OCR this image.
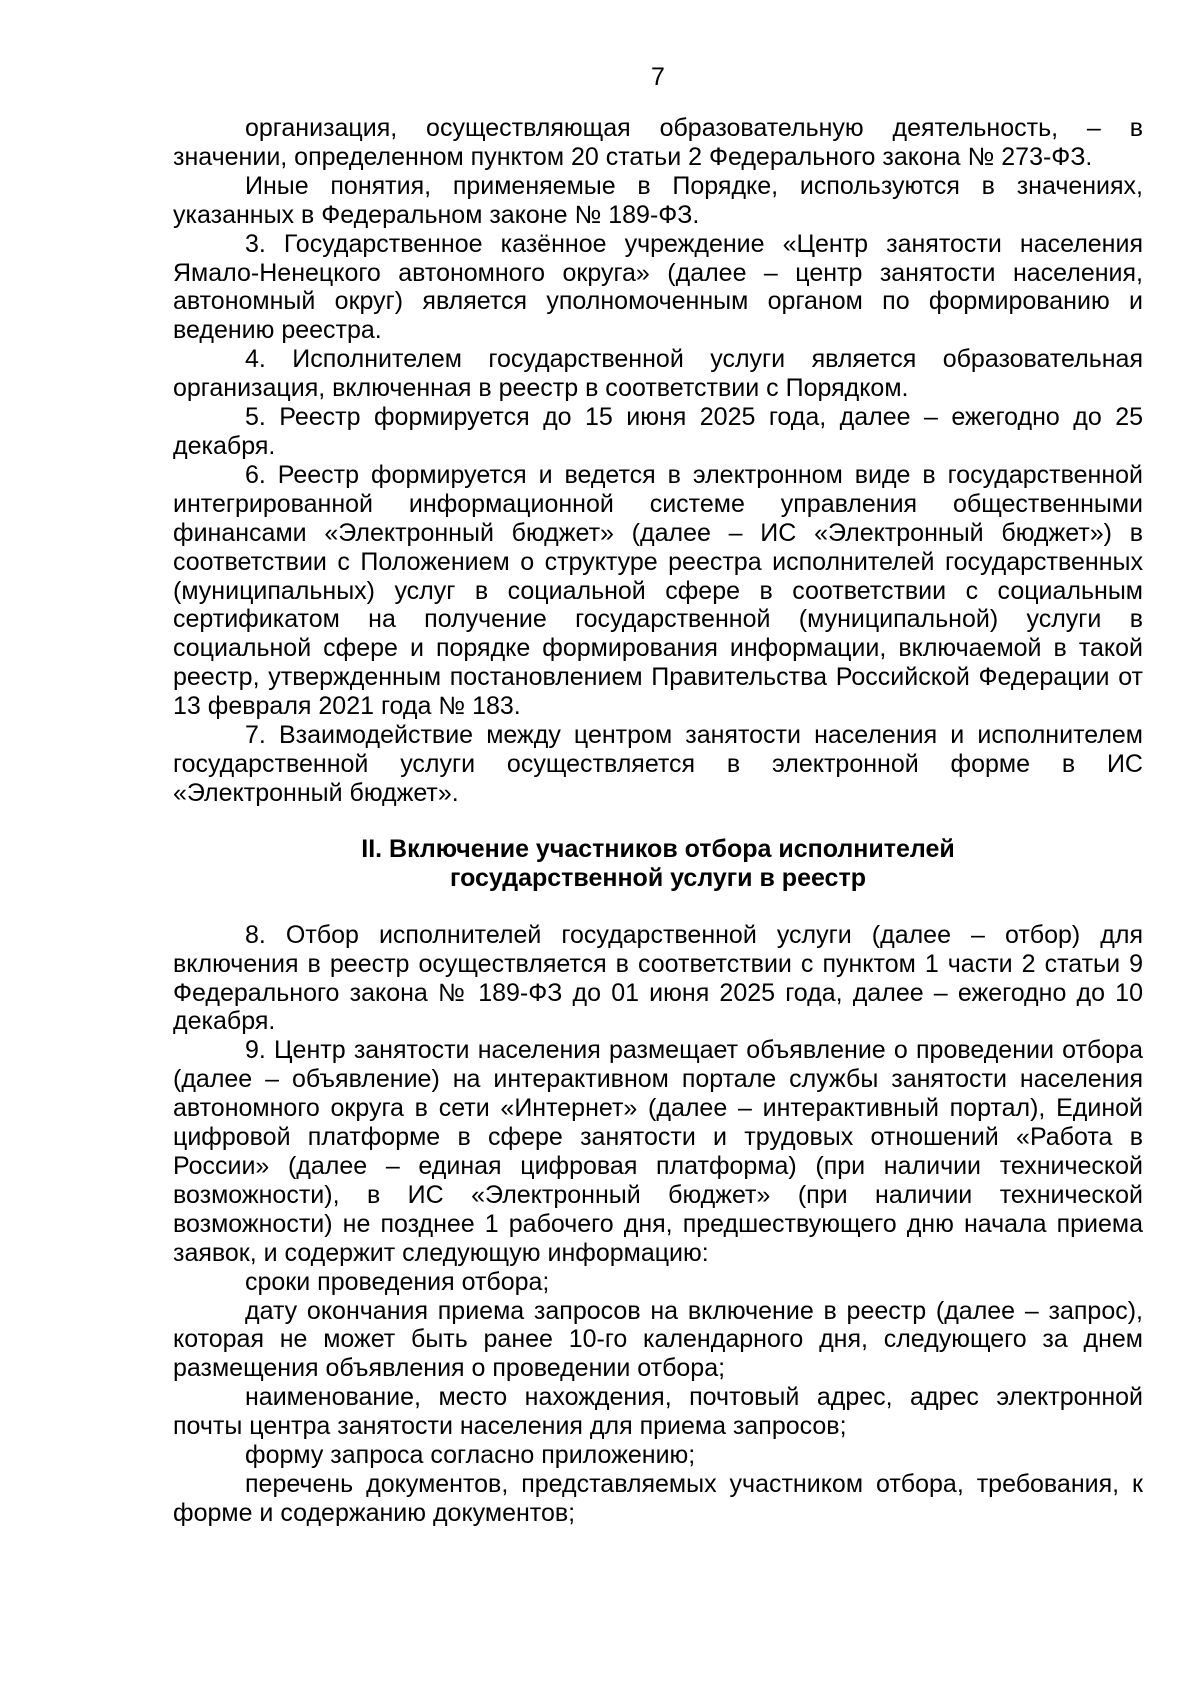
7

организация, осуществляющая образовательную деятельность, – в значении, определенном пунктом 20 статьи 2 Федерального закона № 273-ФЗ.

Иные понятия, применяемые в Порядке, используются в значениях, указанных в Федеральном законе № 189-ФЗ.

3. Государственное казённое учреждение «Центр занятости населения Ямало-Ненецкого автономного округа» (далее – центр занятости населения, автономный округ) является уполномоченным органом по формированию и ведению реестра.

4. Исполнителем государственной услуги является образовательная организация, включенная в реестр в соответствии с Порядком.

5. Реестр формируется до 15 июня 2025 года, далее – ежегодно до 25 декабря.

6. Реестр формируется и ведется в электронном виде в государственной интегрированной информационной системе управления общественными финансами «Электронный бюджет» (далее – ИС «Электронный бюджет») в соответствии с Положением о структуре реестра исполнителей государственных (муниципальных) услуг в социальной сфере в соответствии с социальным сертификатом на получение государственной (муниципальной) услуги в социальной сфере и порядке формирования информации, включаемой в такой реестр, утвержденным постановлением Правительства Российской Федерации от 13 февраля 2021 года № 183.

7. Взаимодействие между центром занятости населения и исполнителем государственной услуги осуществляется в электронной форме в ИС «Электронный бюджет».

II. Включение участников отбора исполнителей
государственной услуги в реестр

8. Отбор исполнителей государственной услуги (далее – отбор) для включения в реестр осуществляется в соответствии с пунктом 1 части 2 статьи 9 Федерального закона № 189-ФЗ до 01 июня 2025 года, далее – ежегодно до 10 декабря.

9. Центр занятости населения размещает объявление о проведении отбора (далее – объявление) на интерактивном портале службы занятости населения автономного округа в сети «Интернет» (далее – интерактивный портал), Единой цифровой платформе в сфере занятости и трудовых отношений «Работа в России» (далее – единая цифровая платформа) (при наличии технической возможности), в ИС «Электронный бюджет» (при наличии технической возможности) не позднее 1 рабочего дня, предшествующего дню начала приема заявок, и содержит следующую информацию:

сроки проведения отбора;

дату окончания приема запросов на включение в реестр (далее – запрос), которая не может быть ранее 10-го календарного дня, следующего за днем размещения объявления о проведении отбора;

наименование, место нахождения, почтовый адрес, адрес электронной почты центра занятости населения для приема запросов;

форму запроса согласно приложению;

перечень документов, представляемых участником отбора, требования, к форме и содержанию документов;
